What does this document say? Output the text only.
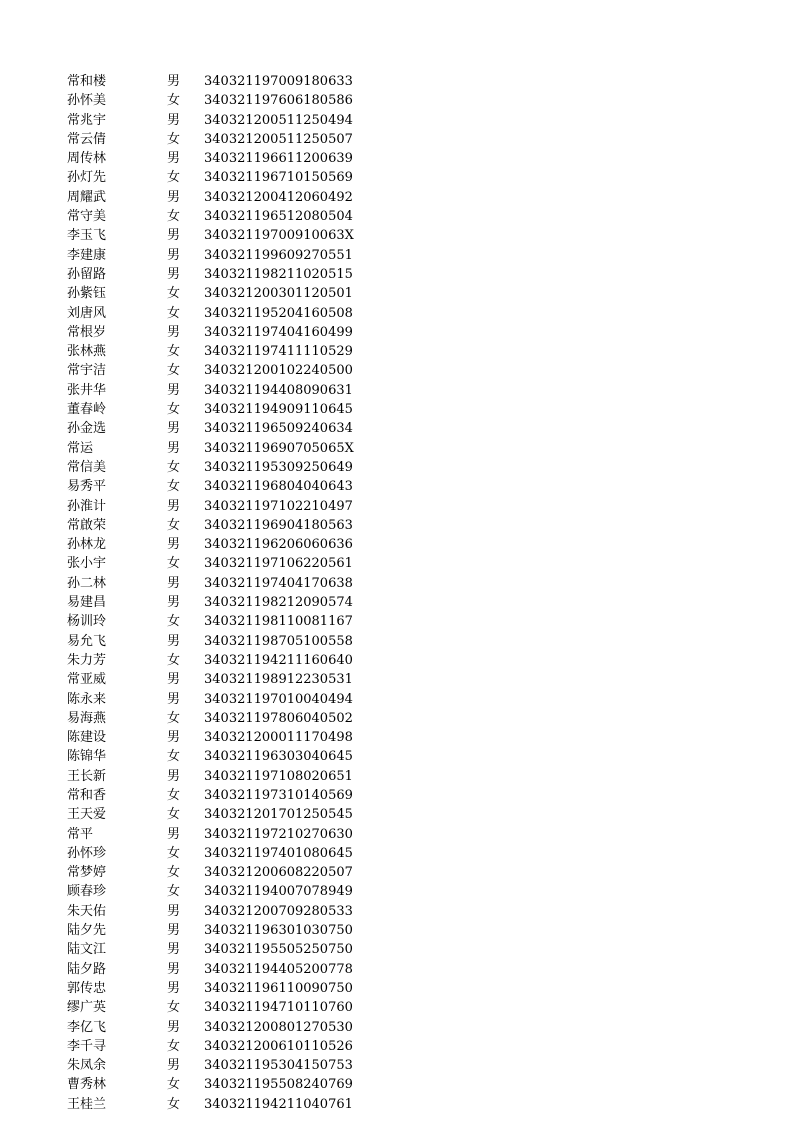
常和楼	男 340321197009180633
孙怀美	女 340321197606180586
常兆宇	男 340321200511250494
常云倩	女 340321200511250507
周传林	男 340321196611200639
孙灯先	女 340321196710150569
周耀武	男 340321200412060492
常守美	女 340321196512080504
李玉飞	男 34032119700910063X
李建康	男 340321199609270551
孙留路	男 340321198211020515
孙紫钰	女 340321200301120501
刘唐风	女 340321195204160508
常根岁	男 340321197404160499
张林燕	女 340321197411110529
常宇洁	女 340321200102240500
张井华	男 340321194408090631
董春岭	女 340321194909110645
孙金选	男 340321196509240634
常运	男 34032119690705065X
常信美	女 340321195309250649
易秀平	女 340321196804040643
孙淮计	男 340321197102210497
常啟荣	女 340321196904180563
孙林龙	男 340321196206060636
张小宇	女 340321197106220561
孙二林	男 340321197404170638
易建昌	男 340321198212090574
杨训玲	女 340321198110081167
易允飞	男 340321198705100558
朱力芳	女 340321194211160640
常亚威	男 340321198912230531
陈永来	男 340321197010040494
易海燕	女 340321197806040502
陈建设	男 340321200011170498
陈锦华	女 340321196303040645
王长新	男 340321197108020651
常和香	女 340321197310140569
王天爱	女 340321201701250545
常平	男 340321197210270630
孙怀珍	女 340321197401080645
常梦婷	女 340321200608220507
顾春珍	女 340321194007078949
朱天佑	男 340321200709280533
陆夕先	男 340321196301030750
陆文江	男 340321195505250750
陆夕路	男 340321194405200778
郭传忠	男 340321196110090750
缪广英	女 340321194710110760
李亿飞	男 340321200801270530
李千寻	女 340321200610110526
朱凤余	男 340321195304150753
曹秀林	女 340321195508240769
王桂兰	女 340321194211040761
